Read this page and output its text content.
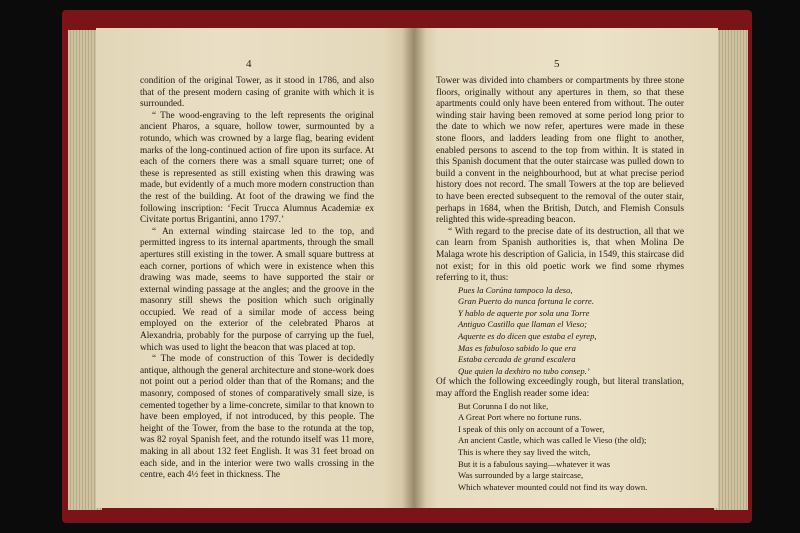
4

condition of the original Tower, as it stood in 1786, and also that of the present modern casing of granite with which it is surrounded.

“ The wood-engraving to the left represents the original ancient Pharos, a square, hollow tower, surmounted by a rotundo, which was crowned by a large flag, bearing evident marks of the long-continued action of fire upon its surface. At each of the corners there was a small square turret; one of these is represented as still existing when this drawing was made, but evidently of a much more modern construction than the rest of the building. At foot of the drawing we find the following inscription: ‘Fecit Trucca Alumnus Academiæ ex Civitate portus Brigantini, anno 1797.’

“ An external winding staircase led to the top, and permitted ingress to its internal apartments, through the small apertures still existing in the tower. A small square buttress at each corner, portions of which were in existence when this drawing was made, seems to have supported the stair or external winding passage at the angles; and the groove in the masonry still shews the position which such originally occupied. We read of a similar mode of access being employed on the exterior of the celebrated Pharos at Alexandria, probably for the purpose of carrying up the fuel, which was used to light the beacon that was placed at top.

“ The mode of construction of this Tower is decidedly antique, although the general architecture and stone-work does not point out a period older than that of the Romans; and the masonry, composed of stones of comparatively small size, is cemented together by a lime-concrete, similar to that known to have been employed, if not introduced, by this people. The height of the Tower, from the base to the rotunda at the top, was 82 royal Spanish feet, and the rotundo itself was 11 more, making in all about 132 feet English. It was 31 feet broad on each side, and in the interior were two walls crossing in the centre, each 4½ feet in thickness. The

5

Tower was divided into chambers or compartments by three stone floors, originally without any apertures in them, so that these apartments could only have been entered from without. The outer winding stair having been removed at some period long prior to the date to which we now refer, apertures were made in these stone floors, and ladders leading from one flight to another, enabled persons to ascend to the top from within. It is stated in this Spanish document that the outer staircase was pulled down to build a convent in the neighbourhood, but at what precise period history does not record. The small Towers at the top are believed to have been erected subsequent to the removal of the outer stair, perhaps in 1684, when the British, Dutch, and Flemish Consuls relighted this wide-spreading beacon.

“ With regard to the precise date of its destruction, all that we can learn from Spanish authorities is, that when Molina De Malaga wrote his description of Galicia, in 1549, this staircase did not exist; for in this old poetic work we find some rhymes referring to it, thus:

Pues la Corúna tampoco la deso,
Gran Puerto do nunca fortuna le corre.
Y hablo de aquerte por sola una Torre
Antiguo Castillo que llaman el Vieso;
Aquerte es do dicen que estaba el eyrep,
Mas es fabuloso sabido lo que era
Estaba cercada de grand escalera
Que quien la dexhiro no tubo consep.’

Of which the following exceedingly rough, but literal translation, may afford the English reader some idea:

But Corunna I do not like,
A Great Port where no fortune runs.
I speak of this only on account of a Tower,
An ancient Castle, which was called le Vieso (the old);
This is where they say lived the witch,
But it is a fabulous saying—whatever it was
Was surrounded by a large staircase,
Which whatever mounted could not find its way down.
